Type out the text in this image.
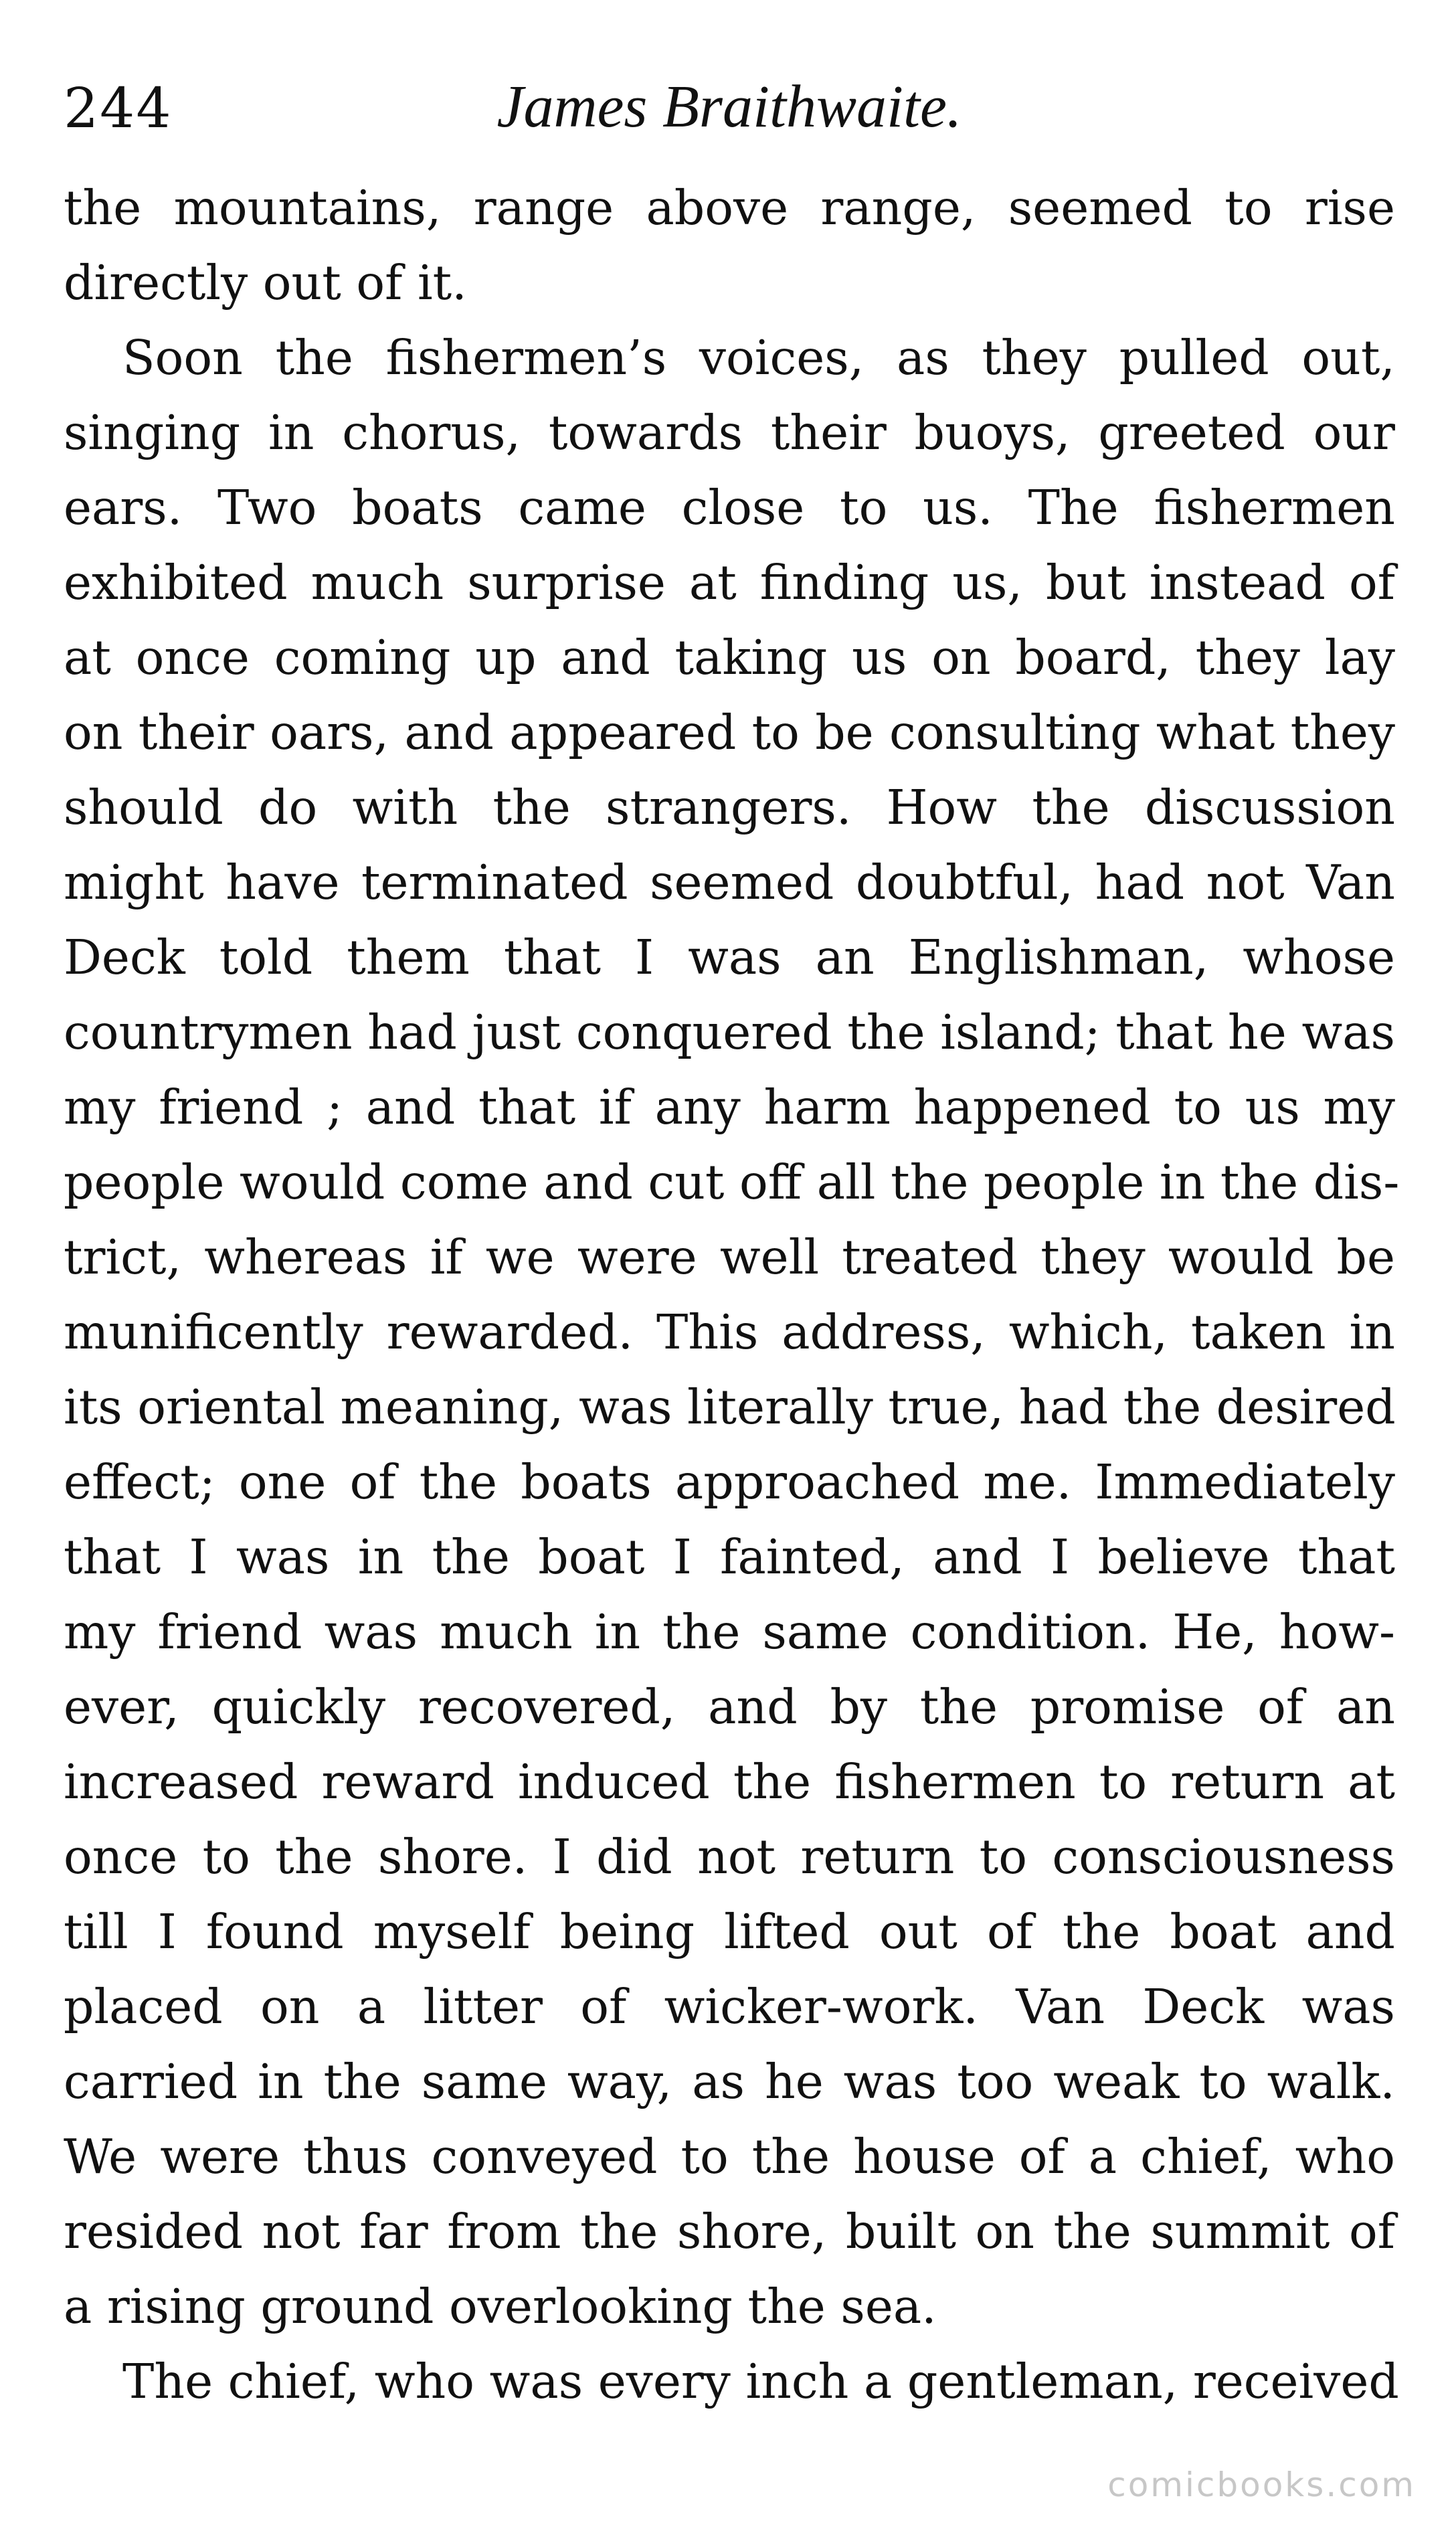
244	James Braithwaite.
the mountains, range above range, seemed to rise
directly out of it.
Soon the fishermen’s voices, as they pulled out,
singing in chorus, towards their buoys, greeted our
ears. Two boats came close to us. The fishermen
exhibited much surprise at finding us, but instead of
at once coming up and taking us on board, they lay
on their oars, and appeared to be consulting what they
should do with the strangers. How the discussion
might have terminated seemed doubtful, had not Van
Deck told them that I was an Englishman, whose
countrymen had just conquered the island; that he was
my friend ; and that if any harm happened to us my
people would come and cut off all the people in the dis-
trict, whereas if we were well treated they would be
munificently rewarded. This address, which, taken in
its oriental meaning, was literally true, had the desired
effect; one of the boats approached me. Immediately
that I was in the boat I fainted, and I believe that
my friend was much in the same condition. He, how-
ever, quickly recovered, and by the promise of an
increased reward induced the fishermen to return at
once to the shore. I did not return to consciousness
till I found myself being lifted out of the boat and
placed on a litter of wicker-work. Van Deck was
carried in the same way, as he was too weak to walk.
We were thus conveyed to the house of a chief, who
resided not far from the shore, built on the summit of
a rising ground overlooking the sea.
The chief, who was every inch a gentleman, received
comicbooks.com
